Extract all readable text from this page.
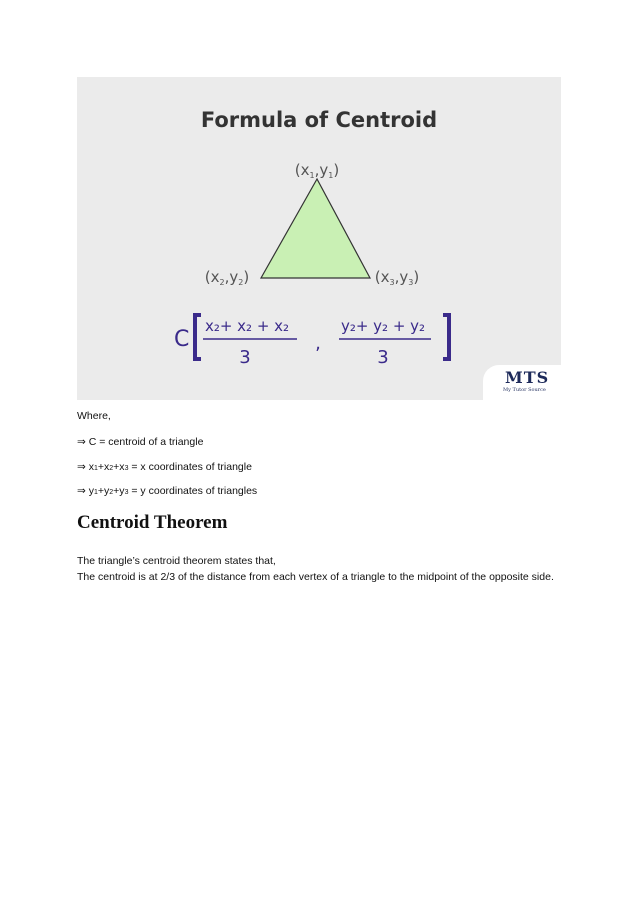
Formula of Centroid
$(x_1,y_1)$
$(x_2,y_2)$	$(x_3,y_3)$
C
x₂+ x₂ + x₂
3
,
y₂+ y₂ + y₂
3
MTS
My Tutor Source
Where,
⇒ C = centroid of a triangle
⇒ x1+x2+x3 = x coordinates of triangle
⇒ y1+y2+y3 = y coordinates of triangles
Centroid Theorem
The triangle’s centroid theorem states that,
The centroid is at 2/3 of the distance from each vertex of a triangle to the midpoint of the opposite side.
